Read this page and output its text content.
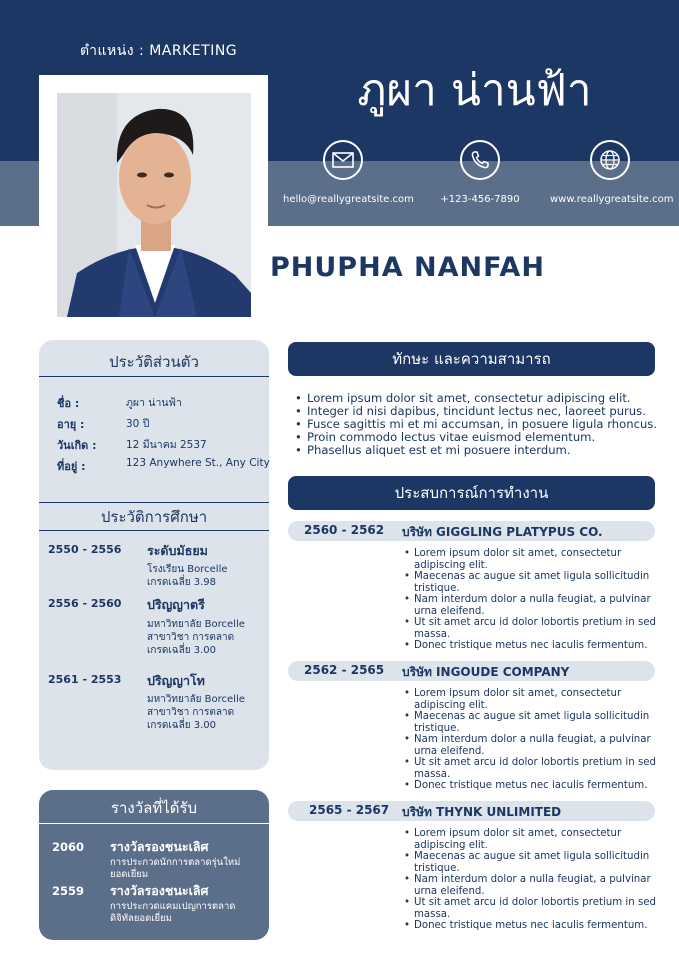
ตำแหน่ง : MARKETING
ภูผา น่านฟ้า
hello@reallygreatsite.com	+123-456-7890	www.reallygreatsite.com
PHUPHA NANFAH
ประวัติส่วนตัว
ชื่อ :	ภูผา น่านฟ้า
อายุ :	30 ปี
วันเกิด :	12 มีนาคม 2537
ที่อยู่ :	123 Anywhere St., Any City
ประวัติการศึกษา
2550 - 2556 ระดับมัธยม
โรงเรียน Borcelle
เกรดเฉลี่ย 3.98
2556 - 2560 ปริญญาตรี
มหาวิทยาลัย Borcelle
สาขาวิชา การตลาด
เกรดเฉลี่ย 3.00
2561 - 2553 ปริญญาโท
มหาวิทยาลัย Borcelle
สาขาวิชา การตลาด
เกรดเฉลี่ย 3.00
รางวัลที่ได้รับ
2060 รางวัลรองชนะเลิศ
การประกวดนักการตลาดรุ่นใหม่
ยอดเยี่ยม
2559 รางวัลรองชนะเลิศ
การประกวดแคมเปญการตลาด
ดิจิทัลยอดเยี่ยม
ทักษะ และความสามารถ
• Lorem ipsum dolor sit amet, consectetur adipiscing elit.
• Integer id nisi dapibus, tincidunt lectus nec, laoreet purus.
• Fusce sagittis mi et mi accumsan, in posuere ligula rhoncus.
• Proin commodo lectus vitae euismod elementum.
• Phasellus aliquet est et mi posuere interdum.
ประสบการณ์การทำงาน
2560 - 2562 บริษัท GIGGLING PLATYPUS CO.
• Lorem ipsum dolor sit amet, consectetur
adipiscing elit.
• Maecenas ac augue sit amet ligula sollicitudin
tristique.
• Nam interdum dolor a nulla feugiat, a pulvinar
urna eleifend.
• Ut sit amet arcu id dolor lobortis pretium in sed
massa.
• Donec tristique metus nec iaculis fermentum.
2562 - 2565 บริษัท INGOUDE COMPANY
• Lorem ipsum dolor sit amet, consectetur
adipiscing elit.
• Maecenas ac augue sit amet ligula sollicitudin
tristique.
• Nam interdum dolor a nulla feugiat, a pulvinar
urna eleifend.
• Ut sit amet arcu id dolor lobortis pretium in sed
massa.
• Donec tristique metus nec iaculis fermentum.
2565 - 2567 บริษัท THYNK UNLIMITED
• Lorem ipsum dolor sit amet, consectetur
adipiscing elit.
• Maecenas ac augue sit amet ligula sollicitudin
tristique.
• Nam interdum dolor a nulla feugiat, a pulvinar
urna eleifend.
• Ut sit amet arcu id dolor lobortis pretium in sed
massa.
• Donec tristique metus nec iaculis fermentum.
